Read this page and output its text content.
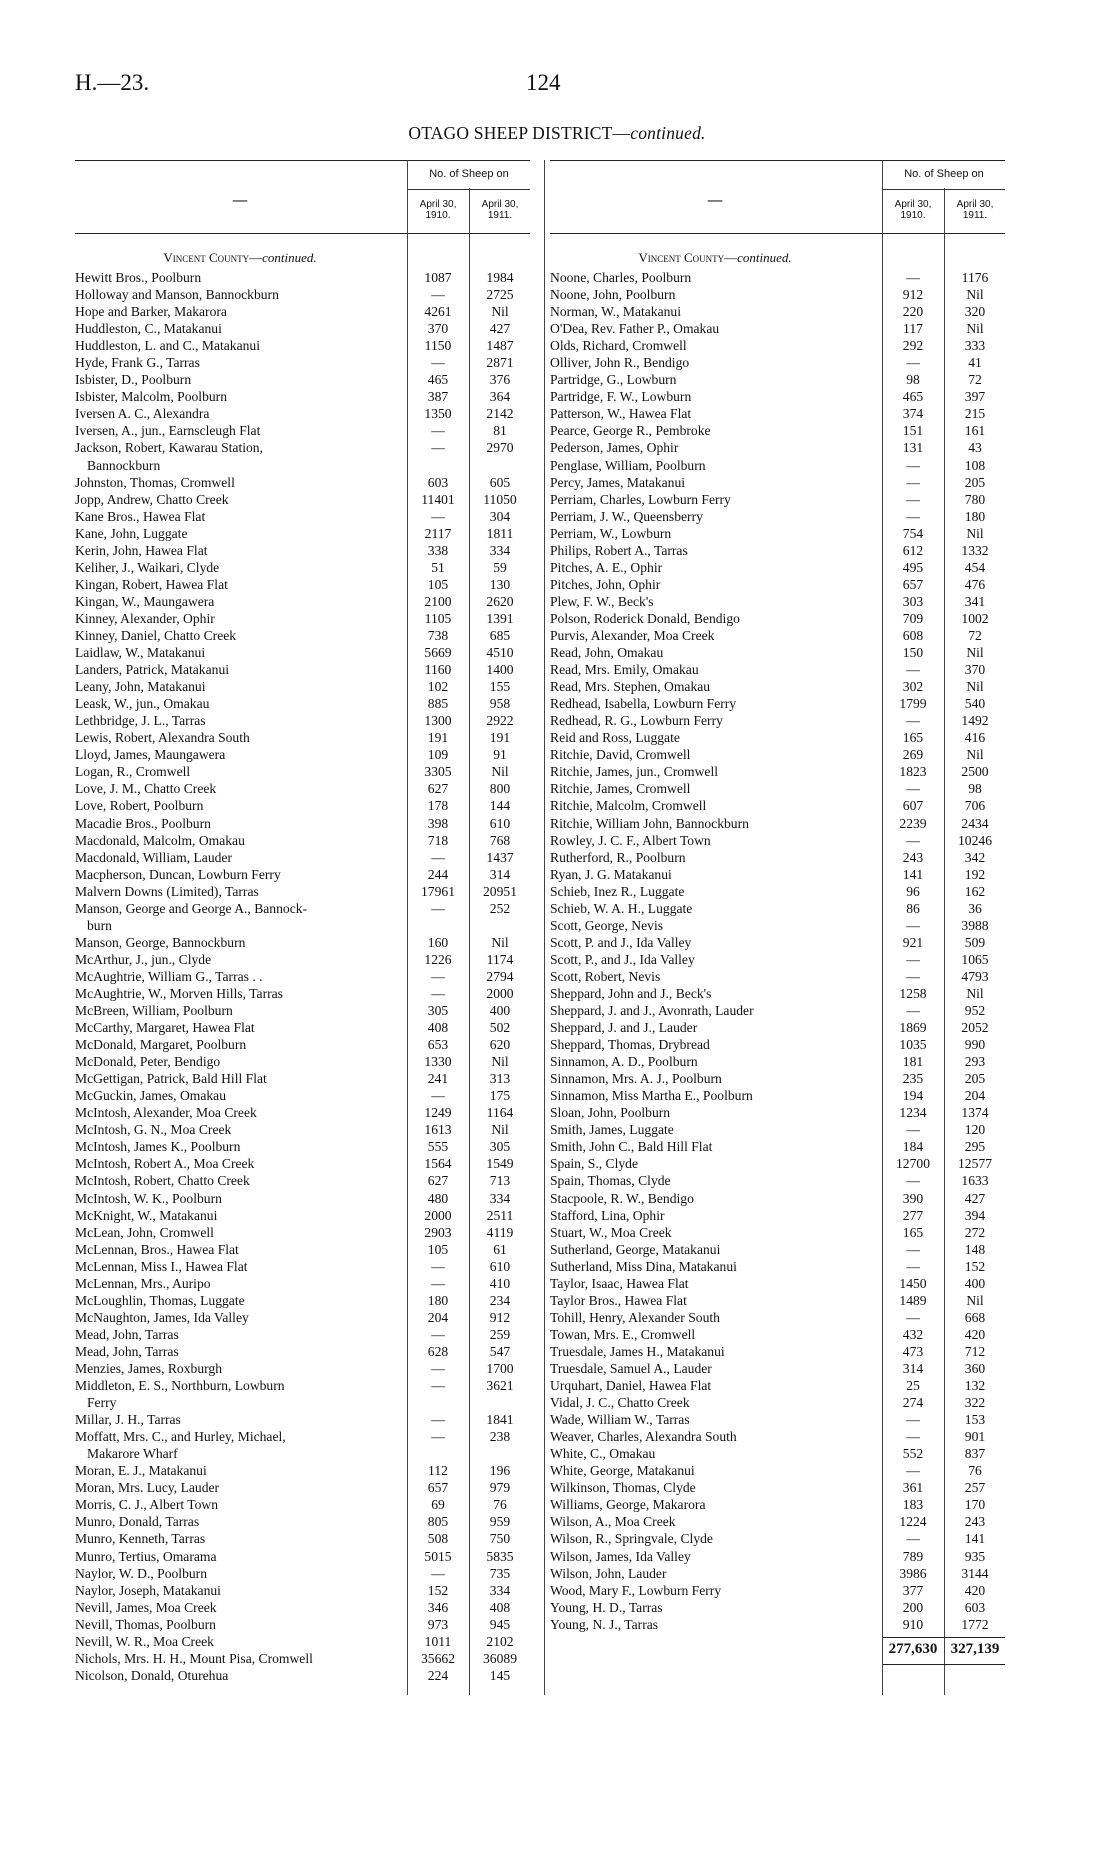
H.—23.	124
OTAGO SHEEP DISTRICT—continued.
—
No. of Sheep on
April 30, 1910.
April 30, 1911.
Vincent County—continued.
Hewitt Bros., Poolburn	1087	1984
Holloway and Manson, Bannockburn	—	2725
Hope and Barker, Makarora	4261	Nil
Huddleston, C., Matakanui	370	427
Huddleston, L. and C., Matakanui	1150	1487
Hyde, Frank G., Tarras	—	2871
Isbister, D., Poolburn	465	376
Isbister, Malcolm, Poolburn	387	364
Iversen A. C., Alexandra	1350	2142
Iversen, A., jun., Earnscleugh Flat	—	81
Jackson, Robert, Kawarau Station,	—	2970
Bannockburn
Johnston, Thomas, Cromwell	603	605
Jopp, Andrew, Chatto Creek	11401	11050
Kane Bros., Hawea Flat	—	304
Kane, John, Luggate	2117	1811
Kerin, John, Hawea Flat	338	334
Keliher, J., Waikari, Clyde	51	59
Kingan, Robert, Hawea Flat	105	130
Kingan, W., Maungawera	2100	2620
Kinney, Alexander, Ophir	1105	1391
Kinney, Daniel, Chatto Creek	738	685
Laidlaw, W., Matakanui	5669	4510
Landers, Patrick, Matakanui	1160	1400
Leany, John, Matakanui	102	155
Leask, W., jun., Omakau	885	958
Lethbridge, J. L., Tarras	1300	2922
Lewis, Robert, Alexandra South	191	191
Lloyd, James, Maungawera	109	91
Logan, R., Cromwell	3305	Nil
Love, J. M., Chatto Creek	627	800
Love, Robert, Poolburn	178	144
Macadie Bros., Poolburn	398	610
Macdonald, Malcolm, Omakau	718	768
Macdonald, William, Lauder	—	1437
Macpherson, Duncan, Lowburn Ferry	244	314
Malvern Downs (Limited), Tarras	17961	20951
Manson, George and George A., Bannock-	—	252
burn
Manson, George, Bannockburn	160	Nil
McArthur, J., jun., Clyde	1226	1174
McAughtrie, William G., Tarras . .	—	2794
McAughtrie, W., Morven Hills, Tarras	—	2000
McBreen, William, Poolburn	305	400
McCarthy, Margaret, Hawea Flat	408	502
McDonald, Margaret, Poolburn	653	620
McDonald, Peter, Bendigo	1330	Nil
McGettigan, Patrick, Bald Hill Flat	241	313
McGuckin, James, Omakau	—	175
McIntosh, Alexander, Moa Creek	1249	1164
McIntosh, G. N., Moa Creek	1613	Nil
McIntosh, James K., Poolburn	555	305
McIntosh, Robert A., Moa Creek	1564	1549
McIntosh, Robert, Chatto Creek	627	713
McIntosh, W. K., Poolburn	480	334
McKnight, W., Matakanui	2000	2511
McLean, John, Cromwell	2903	4119
McLennan, Bros., Hawea Flat	105	61
McLennan, Miss I., Hawea Flat	—	610
McLennan, Mrs., Auripo	—	410
McLoughlin, Thomas, Luggate	180	234
McNaughton, James, Ida Valley	204	912
Mead, John, Tarras	—	259
Mead, John, Tarras	628	547
Menzies, James, Roxburgh	—	1700
Middleton, E. S., Northburn, Lowburn	—	3621
Ferry
Millar, J. H., Tarras	—	1841
Moffatt, Mrs. C., and Hurley, Michael,	—	238
Makarore Wharf
Moran, E. J., Matakanui	112	196
Moran, Mrs. Lucy, Lauder	657	979
Morris, C. J., Albert Town	69	76
Munro, Donald, Tarras	805	959
Munro, Kenneth, Tarras	508	750
Munro, Tertius, Omarama	5015	5835
Naylor, W. D., Poolburn	—	735
Naylor, Joseph, Matakanui	152	334
Nevill, James, Moa Creek	346	408
Nevill, Thomas, Poolburn	973	945
Nevill, W. R., Moa Creek	1011	2102
Nichols, Mrs. H. H., Mount Pisa, Cromwell	35662	36089
Nicolson, Donald, Oturehua	224	145
—
No. of Sheep on
April 30, 1910.
April 30, 1911.
Vincent County—continued.
Noone, Charles, Poolburn	—	1176
Noone, John, Poolburn	912	Nil
Norman, W., Matakanui	220	320
O'Dea, Rev. Father P., Omakau	117	Nil
Olds, Richard, Cromwell	292	333
Olliver, John R., Bendigo	—	41
Partridge, G., Lowburn	98	72
Partridge, F. W., Lowburn	465	397
Patterson, W., Hawea Flat	374	215
Pearce, George R., Pembroke	151	161
Pederson, James, Ophir	131	43
Penglase, William, Poolburn	—	108
Percy, James, Matakanui	—	205
Perriam, Charles, Lowburn Ferry	—	780
Perriam, J. W., Queensberry	—	180
Perriam, W., Lowburn	754	Nil
Philips, Robert A., Tarras	612	1332
Pitches, A. E., Ophir	495	454
Pitches, John, Ophir	657	476
Plew, F. W., Beck's	303	341
Polson, Roderick Donald, Bendigo	709	1002
Purvis, Alexander, Moa Creek	608	72
Read, John, Omakau	150	Nil
Read, Mrs. Emily, Omakau	—	370
Read, Mrs. Stephen, Omakau	302	Nil
Redhead, Isabella, Lowburn Ferry	1799	540
Redhead, R. G., Lowburn Ferry	—	1492
Reid and Ross, Luggate	165	416
Ritchie, David, Cromwell	269	Nil
Ritchie, James, jun., Cromwell	1823	2500
Ritchie, James, Cromwell	—	98
Ritchie, Malcolm, Cromwell	607	706
Ritchie, William John, Bannockburn	2239	2434
Rowley, J. C. F., Albert Town	—	10246
Rutherford, R., Poolburn	243	342
Ryan, J. G. Matakanui	141	192
Schieb, Inez R., Luggate	96	162
Schieb, W. A. H., Luggate	86	36
Scott, George, Nevis	—	3988
Scott, P. and J., Ida Valley	921	509
Scott, P., and J., Ida Valley	—	1065
Scott, Robert, Nevis	—	4793
Sheppard, John and J., Beck's	1258	Nil
Sheppard, J. and J., Avonrath, Lauder	—	952
Sheppard, J. and J., Lauder	1869	2052
Sheppard, Thomas, Drybread	1035	990
Sinnamon, A. D., Poolburn	181	293
Sinnamon, Mrs. A. J., Poolburn	235	205
Sinnamon, Miss Martha E., Poolburn	194	204
Sloan, John, Poolburn	1234	1374
Smith, James, Luggate	—	120
Smith, John C., Bald Hill Flat	184	295
Spain, S., Clyde	12700	12577
Spain, Thomas, Clyde	—	1633
Stacpoole, R. W., Bendigo	390	427
Stafford, Lina, Ophir	277	394
Stuart, W., Moa Creek	165	272
Sutherland, George, Matakanui	—	148
Sutherland, Miss Dina, Matakanui	—	152
Taylor, Isaac, Hawea Flat	1450	400
Taylor Bros., Hawea Flat	1489	Nil
Tohill, Henry, Alexander South	—	668
Towan, Mrs. E., Cromwell	432	420
Truesdale, James H., Matakanui	473	712
Truesdale, Samuel A., Lauder	314	360
Urquhart, Daniel, Hawea Flat	25	132
Vidal, J. C., Chatto Creek	274	322
Wade, William W., Tarras	—	153
Weaver, Charles, Alexandra South	—	901
White, C., Omakau	552	837
White, George, Matakanui	—	76
Wilkinson, Thomas, Clyde	361	257
Williams, George, Makarora	183	170
Wilson, A., Moa Creek	1224	243
Wilson, R., Springvale, Clyde	—	141
Wilson, James, Ida Valley	789	935
Wilson, John, Lauder	3986	3144
Wood, Mary F., Lowburn Ferry	377	420
Young, H. D., Tarras	200	603
Young, N. J., Tarras	910	1772
277,630 327,139
